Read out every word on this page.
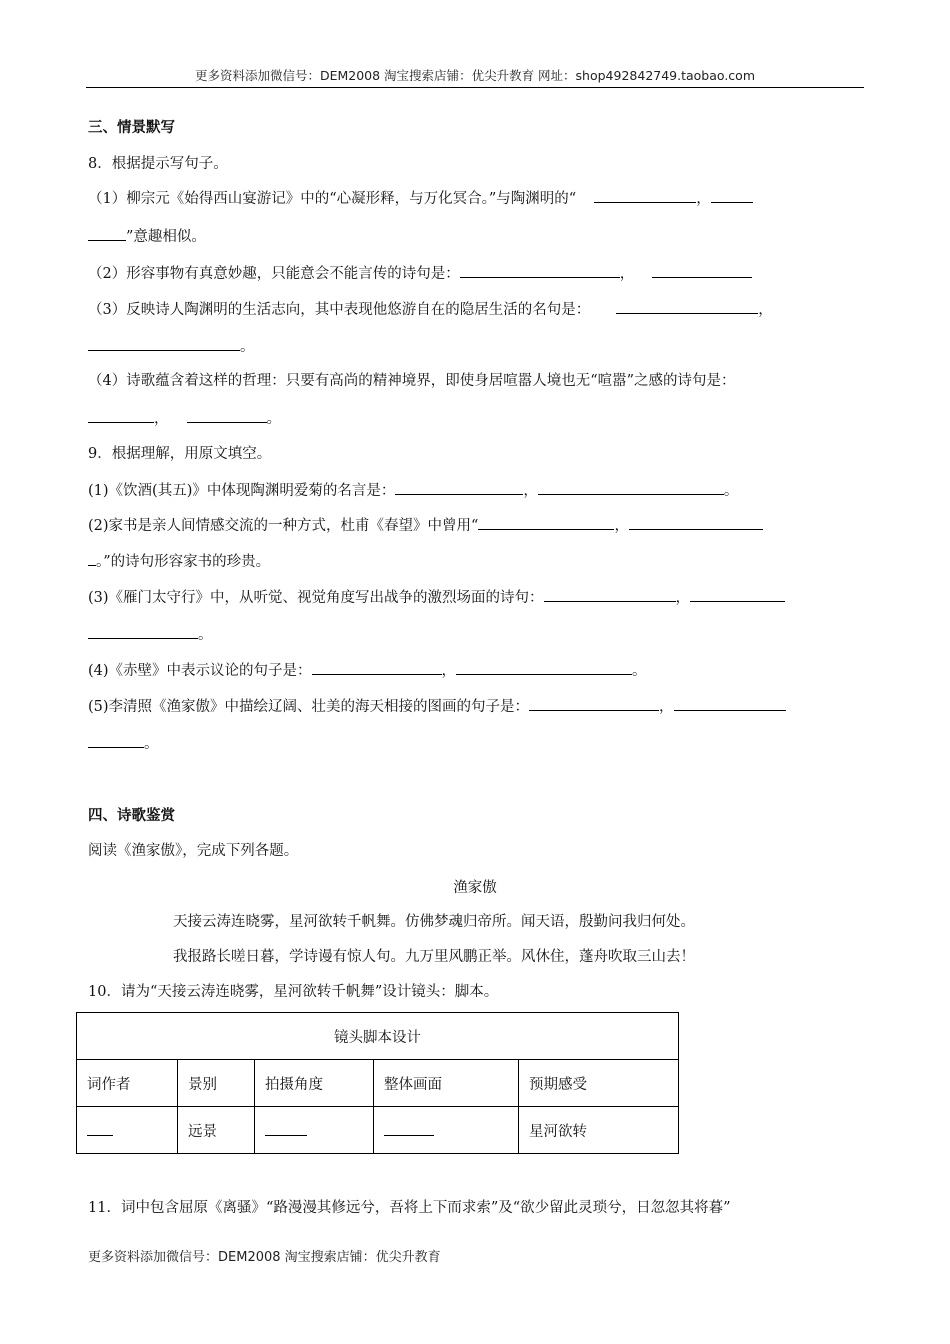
更多资料添加微信号：DEM2008 淘宝搜索店铺：优尖升教育 网址：shop492842749.taobao.com
三、情景默写
8．根据提示写句子。
（1）柳宗元《始得西山宴游记》中的“心凝形释，与万化冥合。”与陶渊明的“	，
”意趣相似。
（2）形容事物有真意妙趣，只能意会不能言传的诗句是：	，
（3）反映诗人陶渊明的生活志向，其中表现他悠游自在的隐居生活的名句是：	，
。
（4）诗歌蕴含着这样的哲理：只要有高尚的精神境界，即使身居喧嚣人境也无“喧嚣”之感的诗句是：
，	。
9．根据理解，用原文填空。
(1)《饮酒(其五)》中体现陶渊明爱菊的名言是：	，	。
(2)家书是亲人间情感交流的一种方式，杜甫《春望》中曾用“	，
。”的诗句形容家书的珍贵。
(3)《雁门太守行》中，从听觉、视觉角度写出战争的激烈场面的诗句：	，
。
(4)《赤壁》中表示议论的句子是：	，	。
(5)李清照《渔家傲》中描绘辽阔、壮美的海天相接的图画的句子是：	，
。
四、诗歌鉴赏
阅读《渔家傲》，完成下列各题。
渔家傲
天接云涛连晓雾，星河欲转千帆舞。仿佛梦魂归帝所。闻天语，殷勤问我归何处。
我报路长嗟日暮，学诗谩有惊人句。九万里风鹏正举。风休住，蓬舟吹取三山去！
10．请为“天接云涛连晓雾，星河欲转千帆舞”设计镜头：脚本。
镜头脚本设计				
词作者	景别	拍摄角度	整体画面	预期感受
	远景			星河欲转
11．词中包含屈原《离骚》“路漫漫其修远兮，吾将上下而求索”及“欲少留此灵琐兮，日忽忽其将暮”
更多资料添加微信号：DEM2008 淘宝搜索店铺：优尖升教育
